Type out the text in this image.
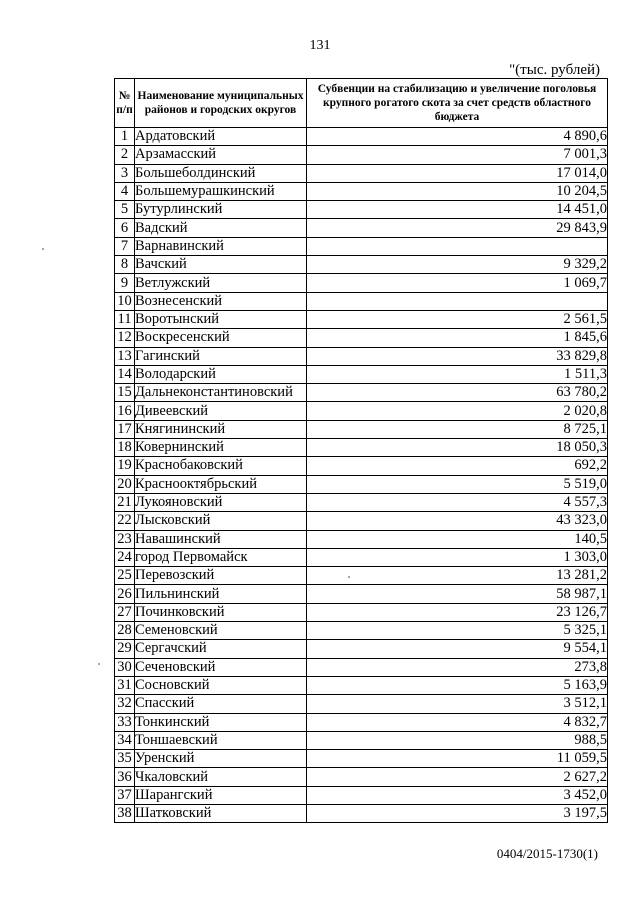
131
"(тыс. рублей)
№ п/п	Наименование муниципальных районов и городских округов	Субвенции на стабилизацию и увеличение поголовья крупного рогатого скота за счет средств областного бюджета
1	Ардатовский	4 890,6
2	Арзамасский	7 001,3
3	Большеболдинский	17 014,0
4	Большемурашкинский	10 204,5
5	Бутурлинский	14 451,0
6	Вадский	29 843,9
7	Варнавинский	
8	Вачский	9 329,2
9	Ветлужский	1 069,7
10	Вознесенский	
11	Воротынский	2 561,5
12	Воскресенский	1 845,6
13	Гагинский	33 829,8
14	Володарский	1 511,3
15	Дальнеконстантиновский	63 780,2
16	Дивеевский	2 020,8
17	Княгининский	8 725,1
18	Ковернинский	18 050,3
19	Краснобаковский	692,2
20	Краснооктябрьский	5 519,0
21	Лукояновский	4 557,3
22	Лысковский	43 323,0
23	Навашинский	140,5
24	город Первомайск	1 303,0
25	Перевозский	13 281,2
26	Пильнинский	58 987,1
27	Починковский	23 126,7
28	Семеновский	5 325,1
29	Сергачский	9 554,1
30	Сеченовский	273,8
31	Сосновский	5 163,9
32	Спасский	3 512,1
33	Тонкинский	4 832,7
34	Тоншаевский	988,5
35	Уренский	11 059,5
36	Чкаловский	2 627,2
37	Шарангский	3 452,0
38	Шатковский	3 197,5
0404/2015-1730(1)
